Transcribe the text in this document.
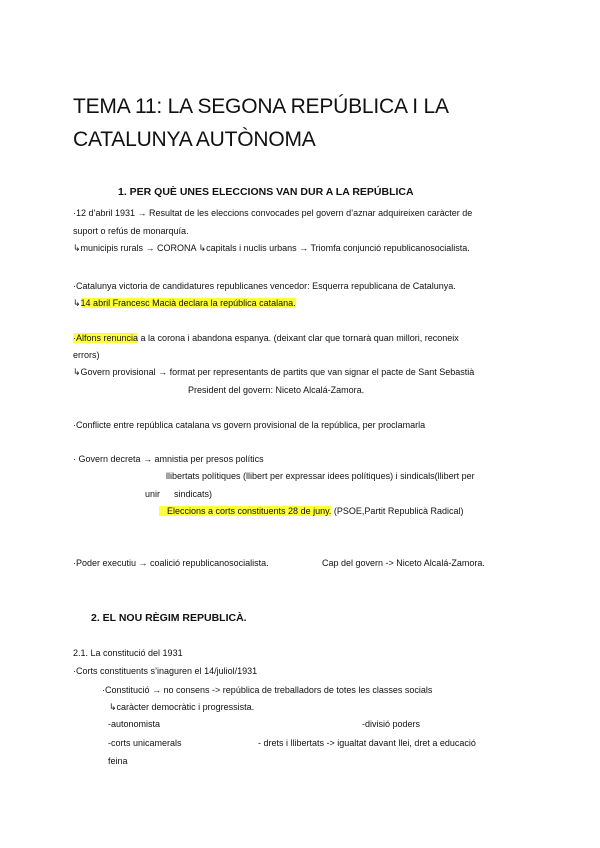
TEMA 11: LA SEGONA REPÚBLICA I LA
CATALUNYA AUTÒNOMA
1. PER QUÈ UNES ELECCIONS VAN DUR A LA REPÚBLICA
·12 d’abril 1931 → Resultat de les eleccions convocades pel govern d’aznar adquireixen caràcter de
suport o refús de monarquía.
↳municipis rurals → CORONA ↳capitals i nuclis urbans → Triomfa conjunció republicanosocialista.
·Catalunya victoria de candidatures republicanes vencedor: Esquerra republicana de Catalunya.
↳14 abril Francesc Macià declara la república catalana.
·Alfons renuncia a la corona i abandona espanya. (deixant clar que tornarà quan millori, reconeix
errors)
↳Govern provisional → format per representants de partits que van signar el pacte de Sant Sebastià
President del govern: Niceto Alcalá-Zamora.
·Conflicte entre república catalana vs govern provisional de la república, per proclamarla
· Govern decreta → amnistia per presos polítics
llibertats polítiques (llibert per expressar idees polítiques) i sindicals(llibert per
unir sindicats)
Eleccions a corts constituents 28 de juny. (PSOE,Partit Republicà Radical)
·Poder executiu → coalició republicanosocialista.	Cap del govern -> Niceto Alcalá-Zamora.
2. EL NOU RÈGIM REPUBLICÀ.
2.1. La constitució del 1931
·Corts constituents s’inaguren el 14/juliol/1931
·Constitució → no consens -> república de treballadors de totes les classes socials
↳caràcter democràtic i progressista.
-autonomista	-divisió poders
-corts unicamerals	- drets i llibertats -> igualtat davant llei, dret a educació
feina
